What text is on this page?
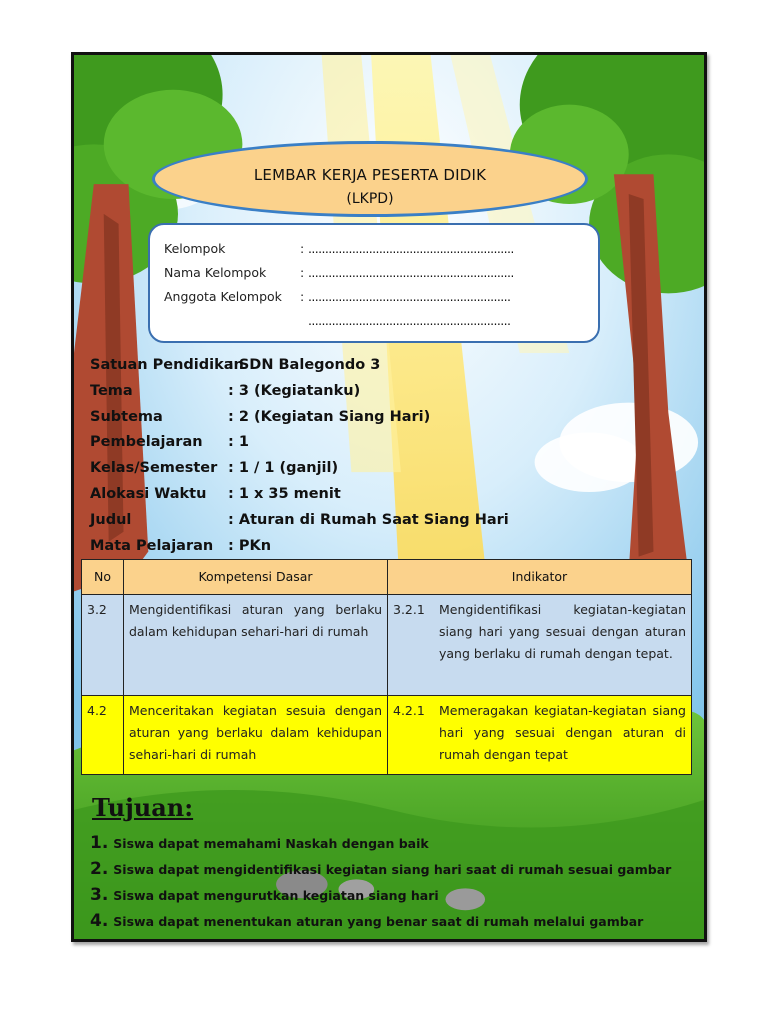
LEMBAR KERJA PESERTA DIDIK
(LKPD)
Kelompok	: .............................................................
Nama Kelompok	: .............................................................
Anggota Kelompok : ............................................................
............................................................
Satuan Pendidikan: SDN Balegondo 3
Tema	: 3 (Kegiatanku)
Subtema	: 2 (Kegiatan Siang Hari)
Pembelajaran : 1
Kelas/Semester : 1 / 1 (ganjil)
Alokasi Waktu : 1 x 35 menit
Judul	: Aturan di Rumah Saat Siang Hari
Mata Pelajaran : PKn
No	Kompetensi Dasar	Indikator
3.2	Mengidentifikasi aturan yang berlaku dalam kehidupan sehari-hari di rumah	3.2.1 Mengidentifikasi kegiatan-kegiatan siang hari yang sesuai dengan aturan yang berlaku di rumah dengan tepat.

4.2	Menceritakan kegiatan sesuia dengan aturan yang berlaku dalam kehidupan sehari-hari di rumah	4.2.1 Memeragakan kegiatan-kegiatan siang hari yang sesuai dengan aturan di rumah dengan tepat
Tujuan:
1. Siswa dapat memahami Naskah dengan baik
2. Siswa dapat mengidentifikasi kegiatan siang hari saat di rumah sesuai gambar
3. Siswa dapat mengurutkan kegiatan siang hari
4. Siswa dapat menentukan aturan yang benar saat di rumah melalui gambar
